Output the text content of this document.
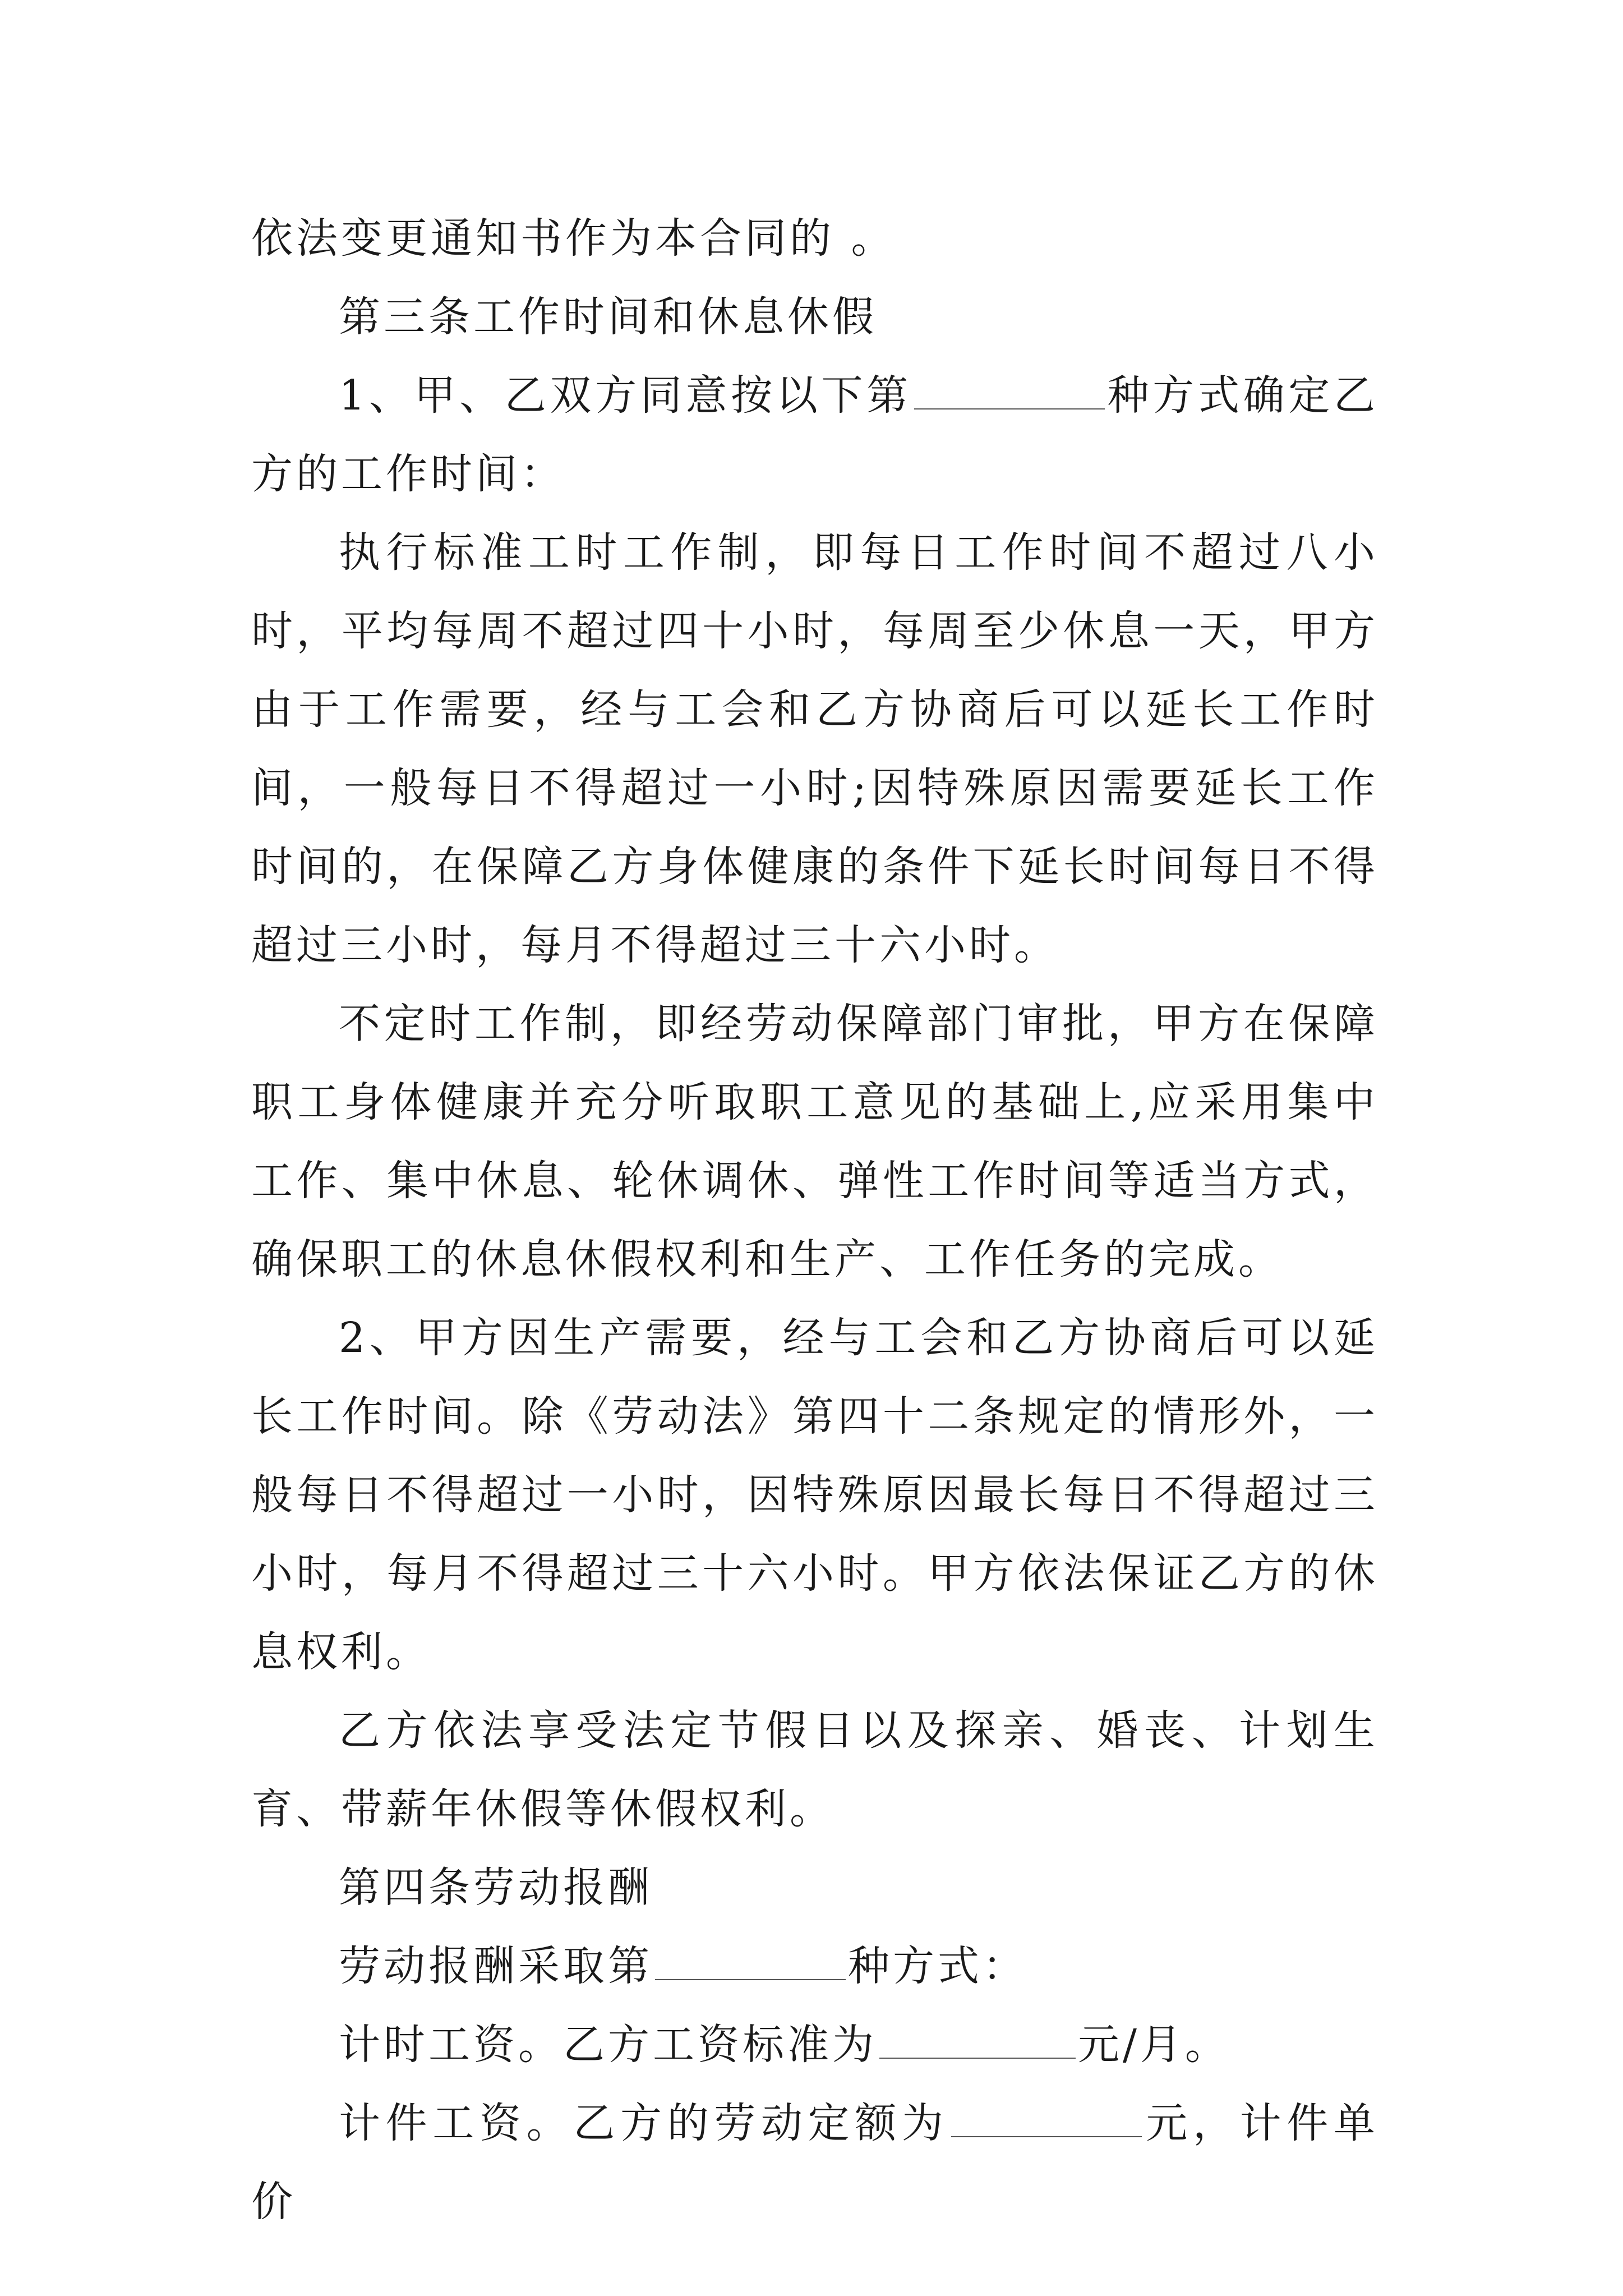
依法变更通知书作为本合同的 。

第三条工作时间和休息休假

1、甲、乙双方同意按以下第	种方式确定乙方的工作时间：

执行标准工时工作制，即每日工作时间不超过八小时，平均每周不超过四十小时，每周至少休息一天，甲方由于工作需要，经与工会和乙方协商后可以延长工作时间，一般每日不得超过一小时;因特殊原因需要延长工作时间的，在保障乙方身体健康的条件下延长时间每日不得超过三小时，每月不得超过三十六小时。

不定时工作制，即经劳动保障部门审批，甲方在保障职工身体健康并充分听取职工意见的基础上,应采用集中工作、集中休息、轮休调休、弹性工作时间等适当方式，确保职工的休息休假权利和生产、工作任务的完成。

2、甲方因生产需要，经与工会和乙方协商后可以延长工作时间。除《劳动法》第四十二条规定的情形外，一般每日不得超过一小时，因特殊原因最长每日不得超过三小时，每月不得超过三十六小时。甲方依法保证乙方的休息权利。

乙方依法享受法定节假日以及探亲、婚丧、计划生育、带薪年休假等休假权利。

第四条劳动报酬

劳动报酬采取第	种方式：

计时工资。乙方工资标准为	元/月。

计件工资。乙方的劳动定额为	元，计件单价
